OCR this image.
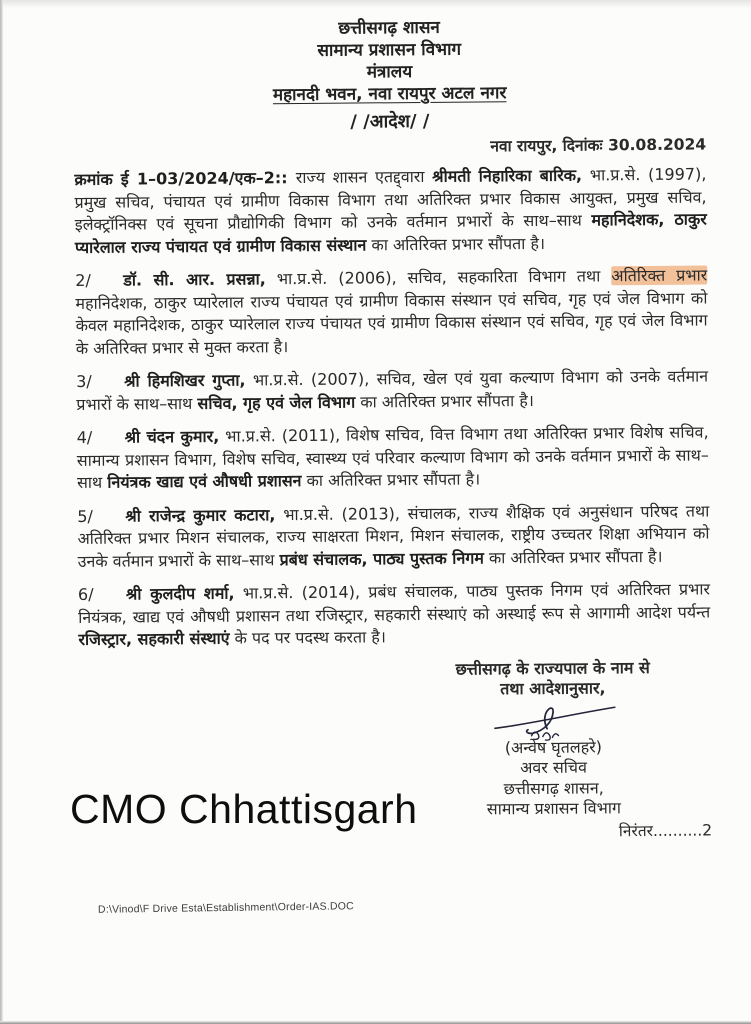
छत्तीसगढ़ शासन
सामान्य प्रशासन विभाग
मंत्रालय
महानदी भवन, नवा रायपुर अटल नगर
/ /आदेश/ /
नवा रायपुर, दिनांकः 30.08.2024

क्रमांक ई 1–03/2024/एक–2:: राज्य शासन एतद्द्वारा श्रीमती निहारिका बारिक, भा.प्र.से. (1997), प्रमुख सचिव, पंचायत एवं ग्रामीण विकास विभाग तथा अतिरिक्त प्रभार विकास आयुक्त, प्रमुख सचिव, इलेक्ट्रॉनिक्स एवं सूचना प्रौद्योगिकी विभाग को उनके वर्तमान प्रभारों के साथ–साथ महानिदेशक, ठाकुर प्यारेलाल राज्य पंचायत एवं ग्रामीण विकास संस्थान का अतिरिक्त प्रभार सौंपता है।

2/ डॉ. सी. आर. प्रसन्ना, भा.प्र.से. (2006), सचिव, सहकारिता विभाग तथा अतिरिक्त प्रभार महानिदेशक, ठाकुर प्यारेलाल राज्य पंचायत एवं ग्रामीण विकास संस्थान एवं सचिव, गृह एवं जेल विभाग को केवल महानिदेशक, ठाकुर प्यारेलाल राज्य पंचायत एवं ग्रामीण विकास संस्थान एवं सचिव, गृह एवं जेल विभाग के अतिरिक्त प्रभार से मुक्त करता है।

3/ श्री हिमशिखर गुप्ता, भा.प्र.से. (2007), सचिव, खेल एवं युवा कल्याण विभाग को उनके वर्तमान प्रभारों के साथ–साथ सचिव, गृह एवं जेल विभाग का अतिरिक्त प्रभार सौंपता है।

4/ श्री चंदन कुमार, भा.प्र.से. (2011), विशेष सचिव, वित्त विभाग तथा अतिरिक्त प्रभार विशेष सचिव, सामान्य प्रशासन विभाग, विशेष सचिव, स्वास्थ्य एवं परिवार कल्याण विभाग को उनके वर्तमान प्रभारों के साथ–साथ नियंत्रक खाद्य एवं औषधी प्रशासन का अतिरिक्त प्रभार सौंपता है।

5/ श्री राजेन्द्र कुमार कटारा, भा.प्र.से. (2013), संचालक, राज्य शैक्षिक एवं अनुसंधान परिषद तथा अतिरिक्त प्रभार मिशन संचालक, राज्य साक्षरता मिशन, मिशन संचालक, राष्ट्रीय उच्चतर शिक्षा अभियान को उनके वर्तमान प्रभारों के साथ–साथ प्रबंध संचालक, पाठ्य पुस्तक निगम का अतिरिक्त प्रभार सौंपता है।

6/ श्री कुलदीप शर्मा, भा.प्र.से. (2014), प्रबंध संचालक, पाठ्य पुस्तक निगम एवं अतिरिक्त प्रभार नियंत्रक, खाद्य एवं औषधी प्रशासन तथा रजिस्ट्रार, सहकारी संस्थाएं को अस्थाई रूप से आगामी आदेश पर्यन्त रजिस्ट्रार, सहकारी संस्थाएं के पद पर पदस्थ करता है।

छत्तीसगढ़ के राज्यपाल के नाम से
तथा आदेशानुसार,
(अन्वेष घृतलहरे)
अवर सचिव
छत्तीसगढ़ शासन,
सामान्य प्रशासन विभाग
निरंतर..........2
CMO Chhattisgarh
D:\Vinod\F Drive Esta\Establishment\Order-IAS.DOC
